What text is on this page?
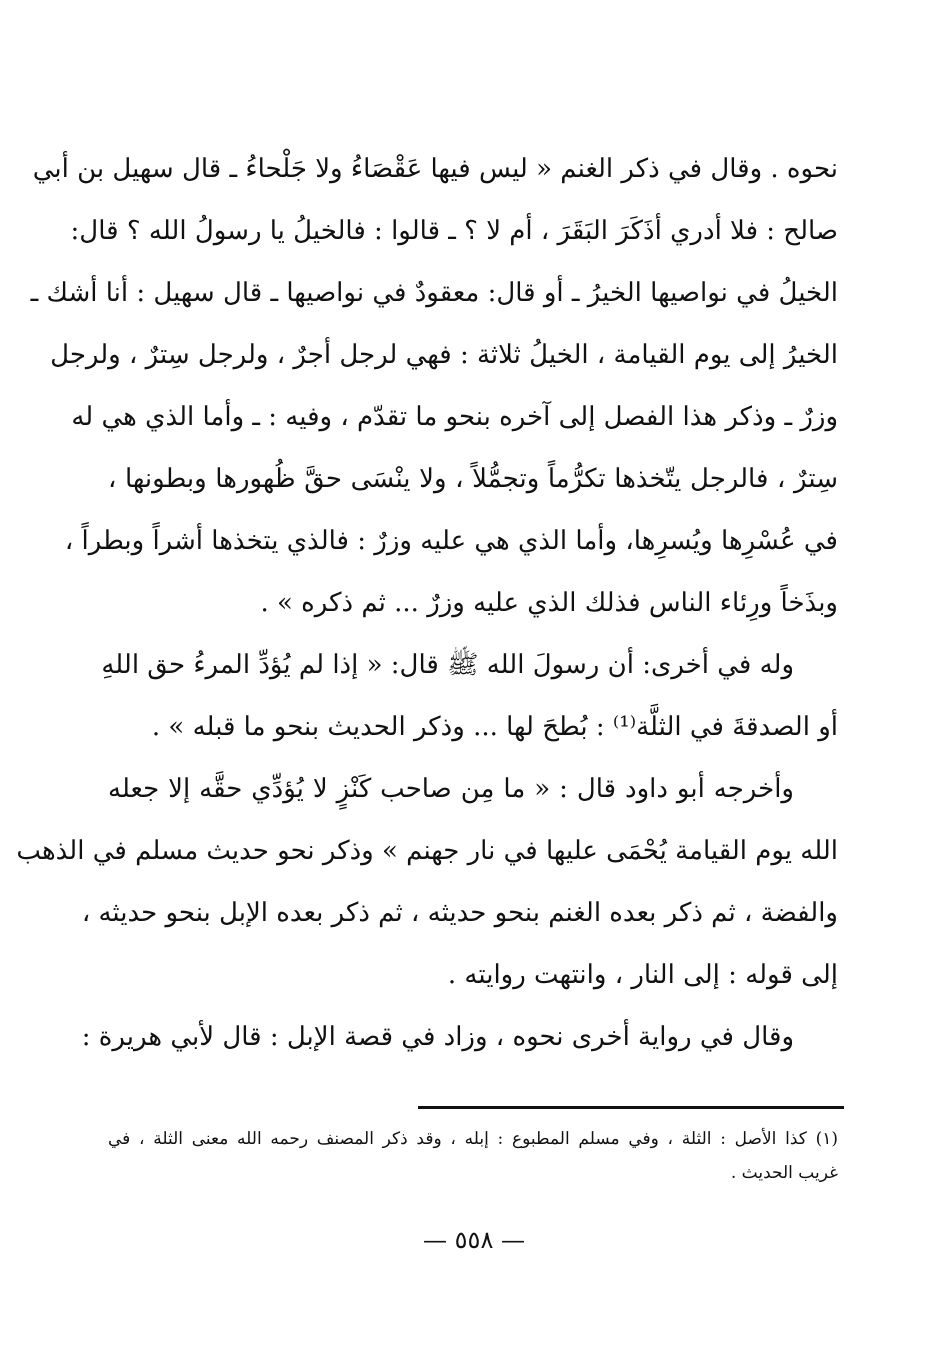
نحوه . وقال في ذكر الغنم « ليس فيها عَقْصَاءُ ولا جَلْحاءُ ـ قال سهيل بن أبي
صالح : فلا أدري أذَكَرَ البَقَرَ ، أم لا ؟ ـ قالوا : فالخيلُ يا رسولُ الله ؟ قال:
الخيلُ في نواصيها الخيرُ ـ أو قال: معقودٌ في نواصيها ـ قال سهيل : أنا أشك ـ
الخيرُ إلى يوم القيامة ، الخيلُ ثلاثة : فهي لرجل أجرٌ ، ولرجل سِترٌ ، ولرجل
وزرٌ ـ وذكر هذا الفصل إلى آخره بنحو ما تقدّم ، وفيه : ـ وأما الذي هي له
سِترٌ ، فالرجل يتّخذها تكرُّماً وتجمُّلاً ، ولا ينْسَى حقَّ ظُهورها وبطونها ،
في عُسْرِها ويُسرِها، وأما الذي هي عليه وزرٌ : فالذي يتخذها أشراً وبطراً ،
وبذَخاً ورِئاء الناس فذلك الذي عليه وزرٌ ... ثم ذكره » .
وله في أخرى: أن رسولَ الله ﷺ قال: « إذا لم يُؤدِّ المرءُ حق اللهِ
أو الصدقةَ في الثلَّة⁽¹⁾ : بُطحَ لها ... وذكر الحديث بنحو ما قبله » .
وأخرجه أبو داود قال : « ما مِن صاحب كَنْزٍ لا يُؤدِّي حقَّه إلا جعله
الله يوم القيامة يُحْمَى عليها في نار جهنم » وذكر نحو حديث مسلم في الذهب
والفضة ، ثم ذكر بعده الغنم بنحو حديثه ، ثم ذكر بعده الإبل بنحو حديثه ،
إلى قوله : إلى النار ، وانتهت روايته .
وقال في رواية أخرى نحوه ، وزاد في قصة الإبل : قال لأبي هريرة :
(١) كذا الأصل : الثلة ، وفي مسلم المطبوع : إبله ، وقد ذكر المصنف رحمه الله معنى الثلة ، في
غريب الحديث .
— ٥٥٨ —
